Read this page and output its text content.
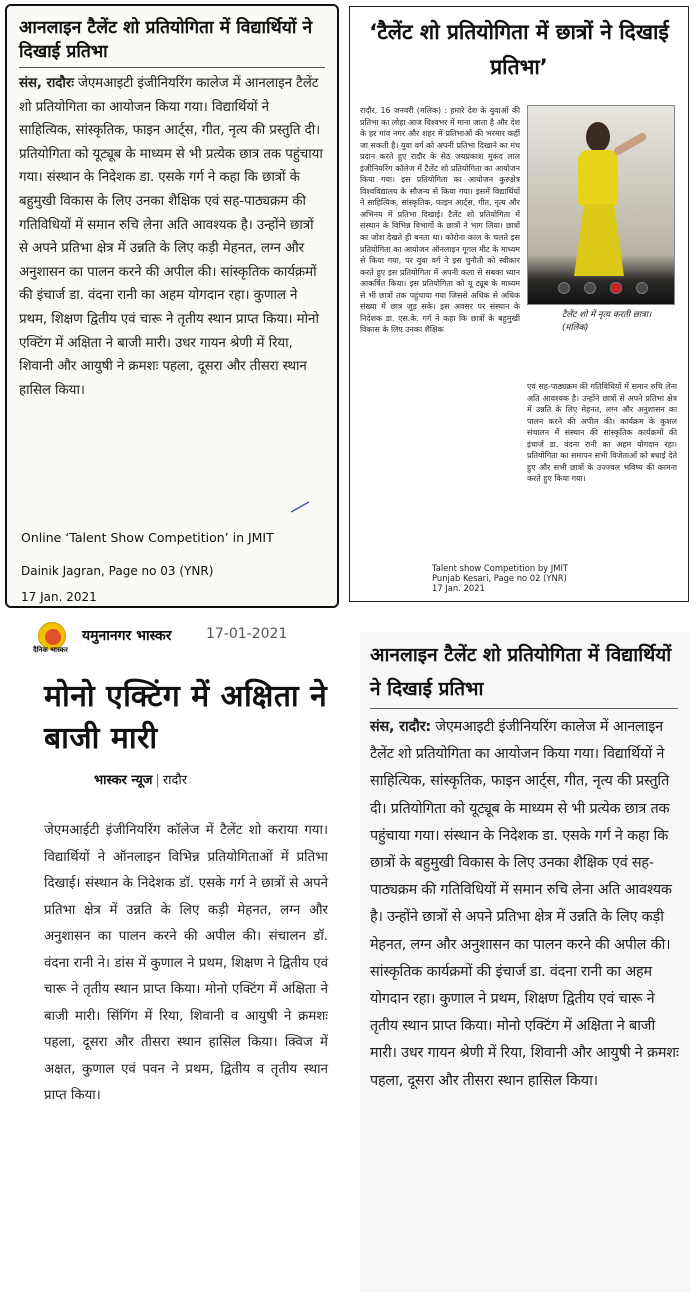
आनलाइन टैलेंट शो प्रतियोगिता में विद्यार्थियों ने दिखाई प्रतिभा
संस, रादौरः जेएमआइटी इंजीनियरिंग कालेज में आनलाइन टैलेंट शो प्रतियोगिता का आयोजन किया गया। विद्यार्थियों ने साहित्यिक, सांस्कृतिक, फाइन आर्ट्स, गीत, नृत्य की प्रस्तुति दी। प्रतियोगिता को यूट्यूब के माध्यम से भी प्रत्येक छात्र तक पहुंचाया गया। संस्थान के निदेशक डा. एसके गर्ग ने कहा कि छात्रों के बहुमुखी विकास के लिए उनका शैक्षिक एवं सह-पाठ्यक्रम की गतिविधियों में समान रुचि लेना अति आवश्यक है। उन्होंने छात्रों से अपने प्रतिभा क्षेत्र में उन्नति के लिए कड़ी मेहनत, लग्न और अनुशासन का पालन करने की अपील की। सांस्कृतिक कार्यक्रमों की इंचार्ज डा. वंदना रानी का अहम योगदान रहा। कुणाल ने प्रथम, शिक्षण द्वितीय एवं चारू ने तृतीय स्थान प्राप्त किया। मोनो एक्टिंग में अक्षिता ने बाजी मारी। उधर गायन श्रेणी में रिया, शिवानी और आयुषी ने क्रमशः पहला, दूसरा और तीसरा स्थान हासिल किया।
Online ‘Talent Show Competition’ in JMIT
Dainik Jagran, Page no 03 (YNR)
17 Jan. 2021
‘टैलेंट शो प्रतियोगिता में छात्रों ने दिखाई प्रतिभा’
रादौर, 16 जनवरी (मलिक) : हमारे देश के युवाओं की प्रतिभा का लोहा आज विश्वभर में माना जाता है और देश के हर गांव नगर और शहर में प्रतिभाओं की भरमार कहीं जा सकती है। युवा वर्ग को अपनी प्रतिभा दिखाने का मंच प्रदान करते हुए रादौर के सेठ जयप्रकाश मुकंद लाल इंजीनियरिंग कॉलेज में टैलेंट शो प्रतियोगिता का आयोजन किया गया। इस प्रतियोगिता का आयोजन कुरुक्षेत्र विश्वविद्यालय के सौजन्य से किया गया। इसमें विद्यार्थियों ने साहित्यिक, सांस्कृतिक, फाइन आर्ट्स, गीत, नृत्य और अभिनय में प्रतिभा दिखाई। टैलेंट शो प्रतियोगिता में संस्थान के विभिन्न विभागों के छात्रों ने भाग लिया। छात्रों का जोश देखते ही बनता था। कोरोना काल के चलते इस प्रतियोगिता का आयोजन ऑनलाइन गूगल मीट के माध्यम से किया गया, पर युवा वर्ग ने इस चुनौती को स्वीकार करते हुए इस प्रतियोगिता में अपनी कला से सबका ध्यान आकर्षित किया। इस प्रतियोगिता को यू ट्यूब के माध्यम से भी छात्रों तक पहुंचाया गया जिससे अधिक से अधिक संख्या में छात्र जुड़ सके। इस अवसर पर संस्थान के निदेशक डा. एस.के. गर्ग ने कहा कि छात्रों के बहुमुखी विकास के लिए उनका शैक्षिक
टैलेंट शो में नृत्य करती छात्रा। (मलिक)
एवं सह-पाठ्यक्रम की गतिविधियों में समान रुचि लेना अति आवश्यक है। उन्होंने छात्रों से अपने प्रतिभा क्षेत्र में उन्नति के लिए मेहनत, लग्न और अनुशासन का पालन करने की अपील की। कार्यक्रम के कुशल संचालन में संस्थान की सांस्कृतिक कार्यक्रमों की इंचार्ज डा. वंदना रानी का अहम योगदान रहा। प्रतियोगिता का समापन सभी विजेताओं को बधाई देते हुए और सभी छात्रों के उज्ज्वल भविष्य की कामना करते हुए किया गया।
Talent show Competition by JMIT
Punjab Kesari, Page no 02 (YNR)
17 Jan. 2021
दैनिक भास्कर
यमुनानगर भास्कर 17-01-2021
मोनो एक्टिंग में अक्षिता ने बाजी मारी
भास्कर न्यूज | रादौर
जेएमआईटी इंजीनियरिंग कॉलेज में टैलेंट शो कराया गया। विद्यार्थियों ने ऑनलाइन विभिन्न प्रतियोगिताओं में प्रतिभा दिखाई। संस्थान के निदेशक डॉ. एसके गर्ग ने छात्रों से अपने प्रतिभा क्षेत्र में उन्नति के लिए कड़ी मेहनत, लग्न और अनुशासन का पालन करने की अपील की। संचालन डॉ. वंदना रानी ने। डांस में कुणाल ने प्रथम, शिक्षण ने द्वितीय एवं चारू ने तृतीय स्थान प्राप्त किया। मोनो एक्टिंग में अक्षिता ने बाजी मारी। सिंगिंग में रिया, शिवानी व आयुषी ने क्रमशः पहला, दूसरा और तीसरा स्थान हासिल किया। क्विज में अक्षत, कुणाल एवं पवन ने प्रथम, द्वितीय व तृतीय स्थान प्राप्त किया।
आनलाइन टैलेंट शो प्रतियोगिता में विद्यार्थियों ने दिखाई प्रतिभा
संस, रादौर: जेएमआइटी इंजीनियरिंग कालेज में आनलाइन टैलेंट शो प्रतियोगिता का आयोजन किया गया। विद्यार्थियों ने साहित्यिक, सांस्कृतिक, फाइन आर्ट्स, गीत, नृत्य की प्रस्तुति दी। प्रतियोगिता को यूट्यूब के माध्यम से भी प्रत्येक छात्र तक पहुंचाया गया। संस्थान के निदेशक डा. एसके गर्ग ने कहा कि छात्रों के बहुमुखी विकास के लिए उनका शैक्षिक एवं सह-पाठ्यक्रम की गतिविधियों में समान रुचि लेना अति आवश्यक है। उन्होंने छात्रों से अपने प्रतिभा क्षेत्र में उन्नति के लिए कड़ी मेहनत, लग्न और अनुशासन का पालन करने की अपील की। सांस्कृतिक कार्यक्रमों की इंचार्ज डा. वंदना रानी का अहम योगदान रहा। कुणाल ने प्रथम, शिक्षण द्वितीय एवं चारू ने तृतीय स्थान प्राप्त किया। मोनो एक्टिंग में अक्षिता ने बाजी मारी। उधर गायन श्रेणी में रिया, शिवानी और आयुषी ने क्रमशः पहला, दूसरा और तीसरा स्थान हासिल किया।
